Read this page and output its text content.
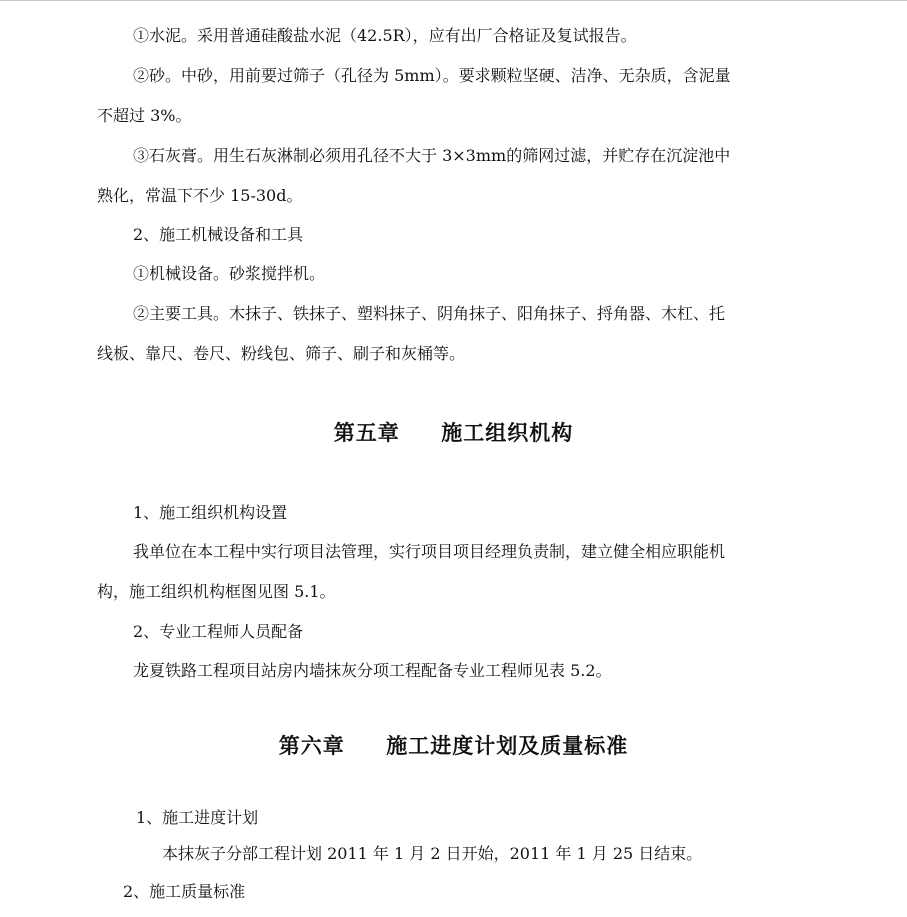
①水泥。采用普通硅酸盐水泥（42.5R），应有出厂合格证及复试报告。
②砂。中砂，用前要过筛子（孔径为 5mm）。要求颗粒坚硬、洁净、无杂质，含泥量
不超过 3%。
③石灰膏。用生石灰淋制必须用孔径不大于 3×3mm的筛网过滤，并贮存在沉淀池中
熟化，常温下不少 15-30d。
2、施工机械设备和工具
①机械设备。砂浆搅拌机。
②主要工具。木抹子、铁抹子、塑料抹子、阴角抹子、阳角抹子、捋角器、木杠、托
线板、靠尺、卷尺、粉线包、筛子、刷子和灰桶等。
第五章     施工组织机构
1、施工组织机构设置
我单位在本工程中实行项目法管理，实行项目项目经理负责制，建立健全相应职能机
构，施工组织机构框图见图 5.1。
2、专业工程师人员配备
龙夏铁路工程项目站房内墙抹灰分项工程配备专业工程师见表 5.2。
第六章     施工进度计划及质量标准
1、施工进度计划
本抹灰子分部工程计划 2011 年 1 月 2 日开始，2011 年 1 月 25 日结束。
2、施工质量标准
